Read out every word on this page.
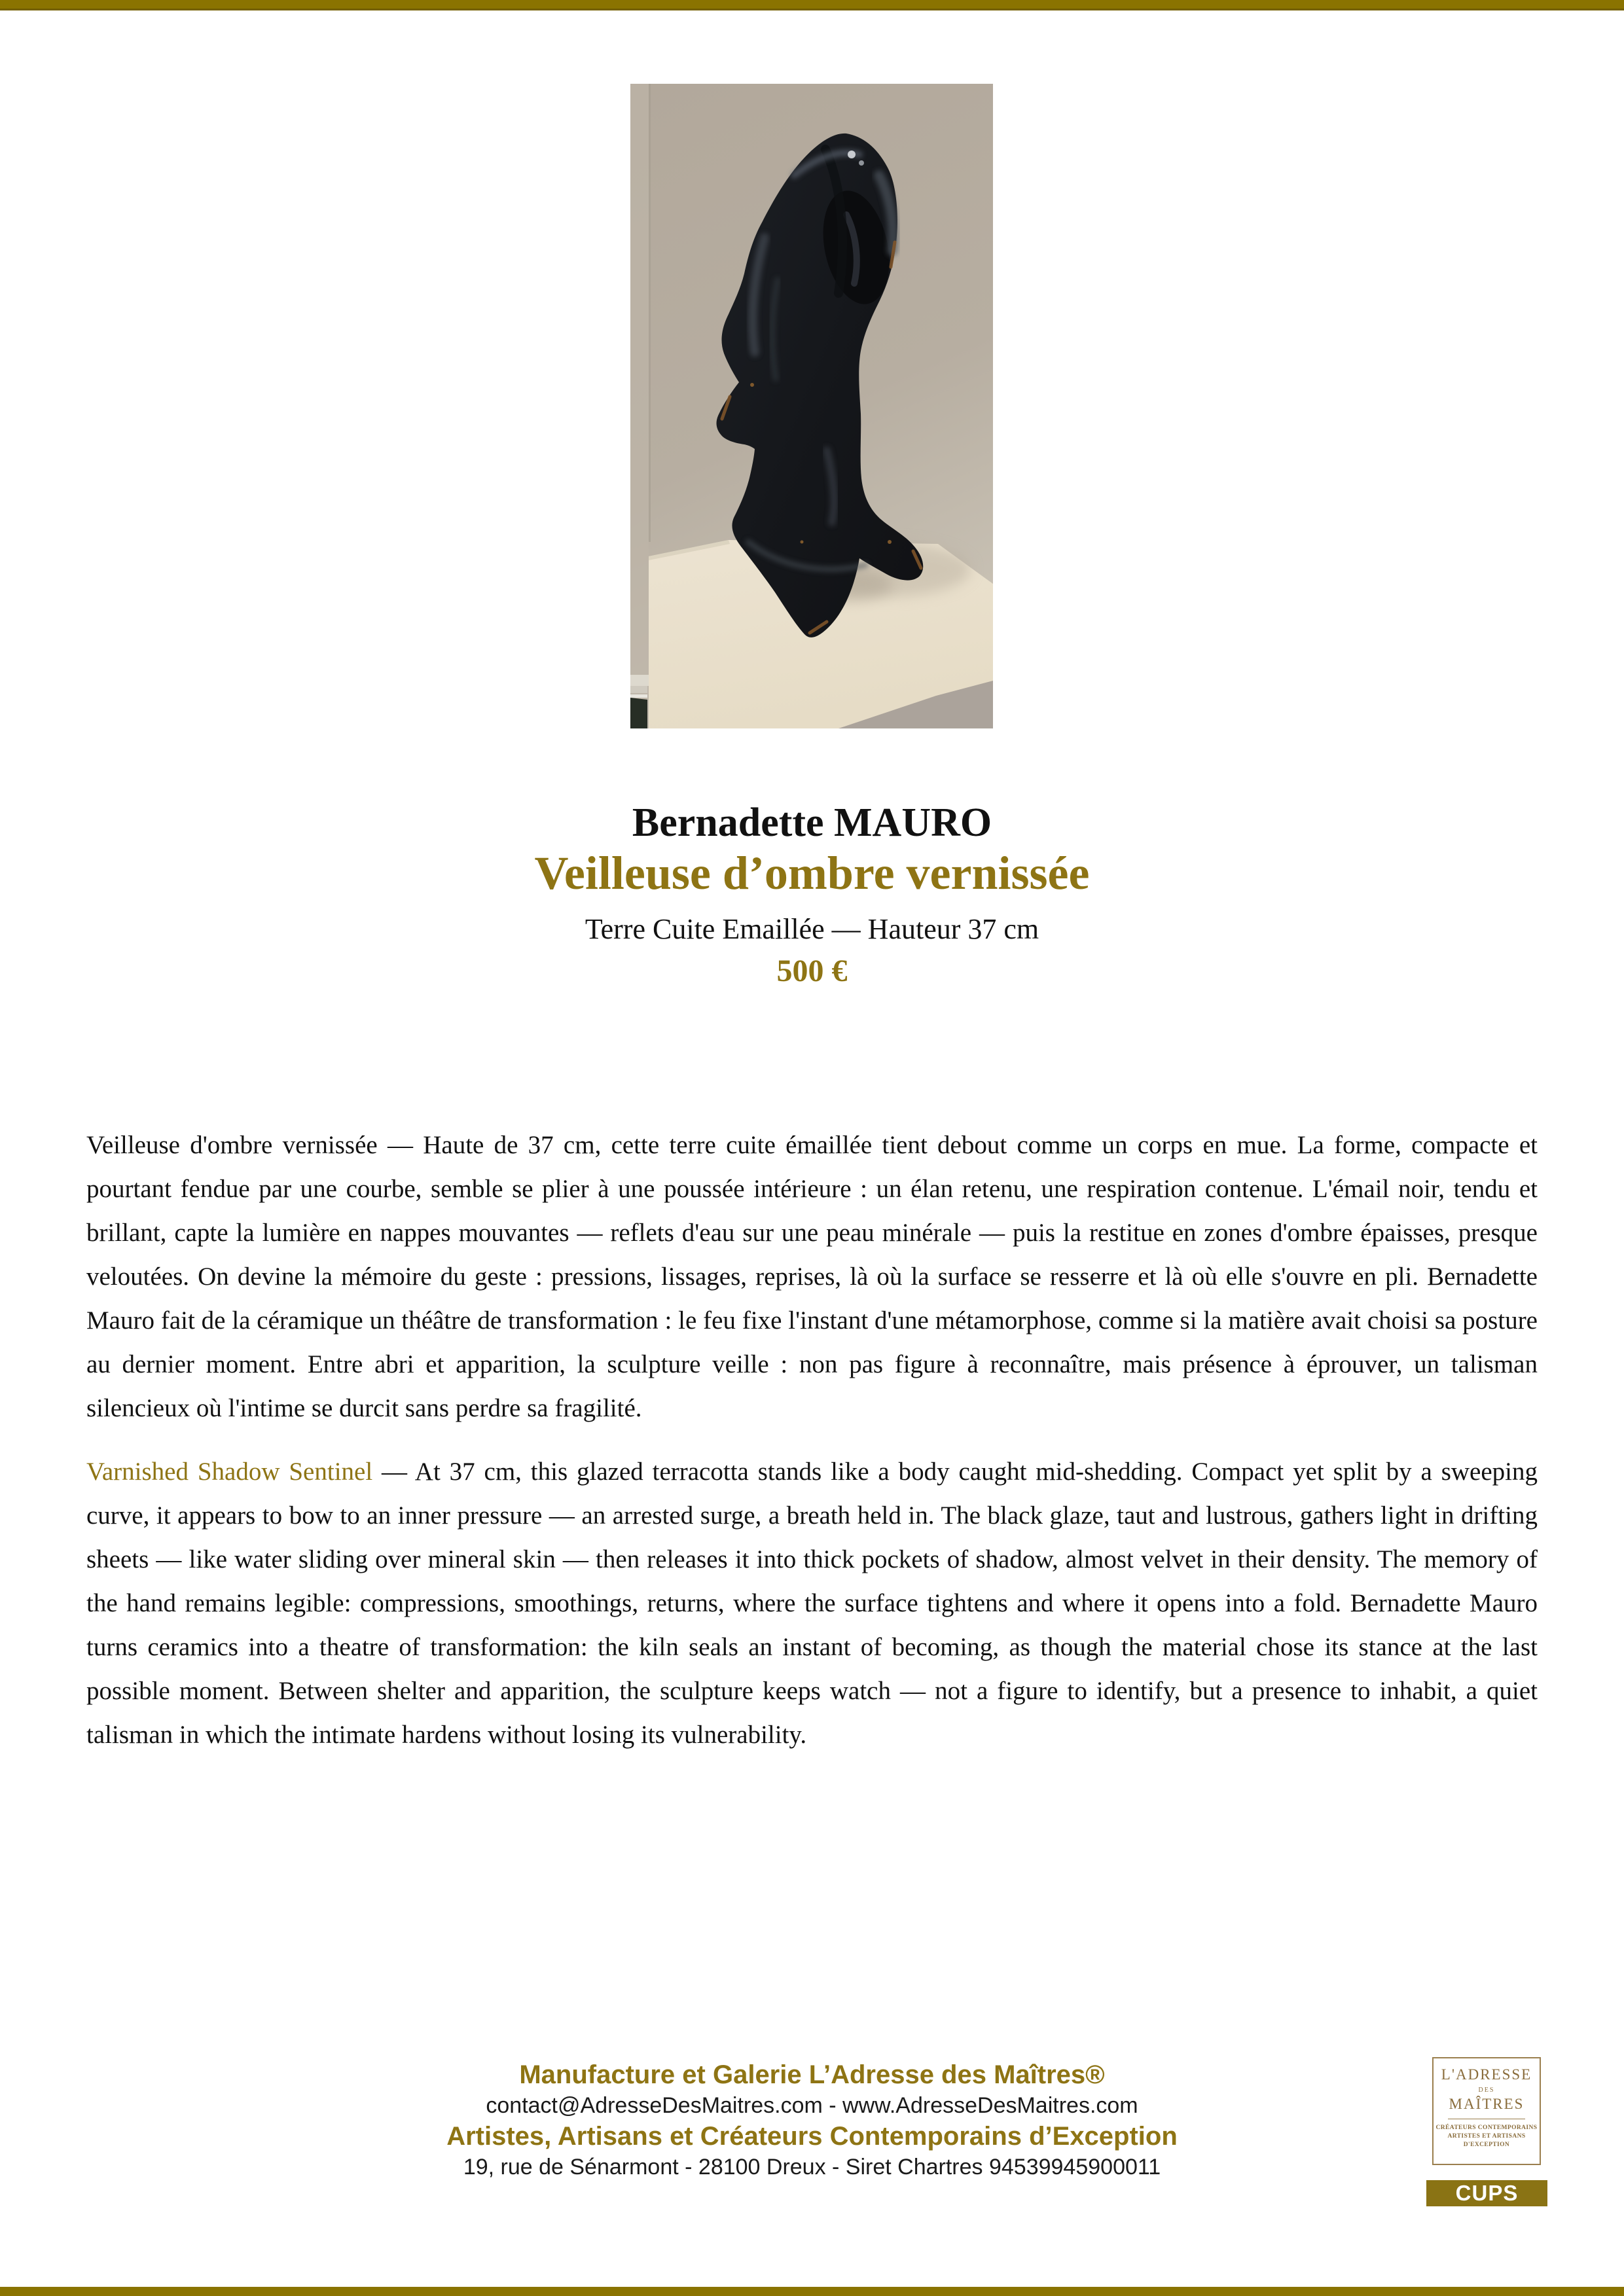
Bernadette MAURO
Veilleuse d’ombre vernissée
Terre Cuite Emaillée — Hauteur 37 cm
500 €

Veilleuse d'ombre vernissée — Haute de 37 cm, cette terre cuite émaillée tient debout comme un corps en mue. La forme, compacte et pourtant fendue par une courbe, semble se plier à une poussée intérieure : un élan retenu, une respiration contenue. L'émail noir, tendu et brillant, capte la lumière en nappes mouvantes — reflets d'eau sur une peau minérale — puis la restitue en zones d'ombre épaisses, presque veloutées. On devine la mémoire du geste : pressions, lissages, reprises, là où la surface se resserre et là où elle s'ouvre en pli. Bernadette Mauro fait de la céramique un théâtre de transformation : le feu fixe l'instant d'une métamorphose, comme si la matière avait choisi sa posture au dernier moment. Entre abri et apparition, la sculpture veille : non pas figure à reconnaître, mais présence à éprouver, un talisman silencieux où l'intime se durcit sans perdre sa fragilité.

Varnished Shadow Sentinel — At 37 cm, this glazed terracotta stands like a body caught mid-shedding. Compact yet split by a sweeping curve, it appears to bow to an inner pressure — an arrested surge, a breath held in. The black glaze, taut and lustrous, gathers light in drifting sheets — like water sliding over mineral skin — then releases it into thick pockets of shadow, almost velvet in their density. The memory of the hand remains legible: compressions, smoothings, returns, where the surface tightens and where it opens into a fold. Bernadette Mauro turns ceramics into a theatre of transformation: the kiln seals an instant of becoming, as though the material chose its stance at the last possible moment. Between shelter and apparition, the sculpture keeps watch — not a figure to identify, but a presence to inhabit, a quiet talisman in which the intimate hardens without losing its vulnerability.

Manufacture et Galerie L’Adresse des Maîtres®
contact@AdresseDesMaitres.com - www.AdresseDesMaitres.com
Artistes, Artisans et Créateurs Contemporains d’Exception
19, rue de Sénarmont - 28100 Dreux - Siret Chartres 94539945900011
L'ADRESSE
DES
MAÎTRES
CRÉATEURS CONTEMPORAINS
ARTISTES ET ARTISANS
D'EXCEPTION
CUPS
